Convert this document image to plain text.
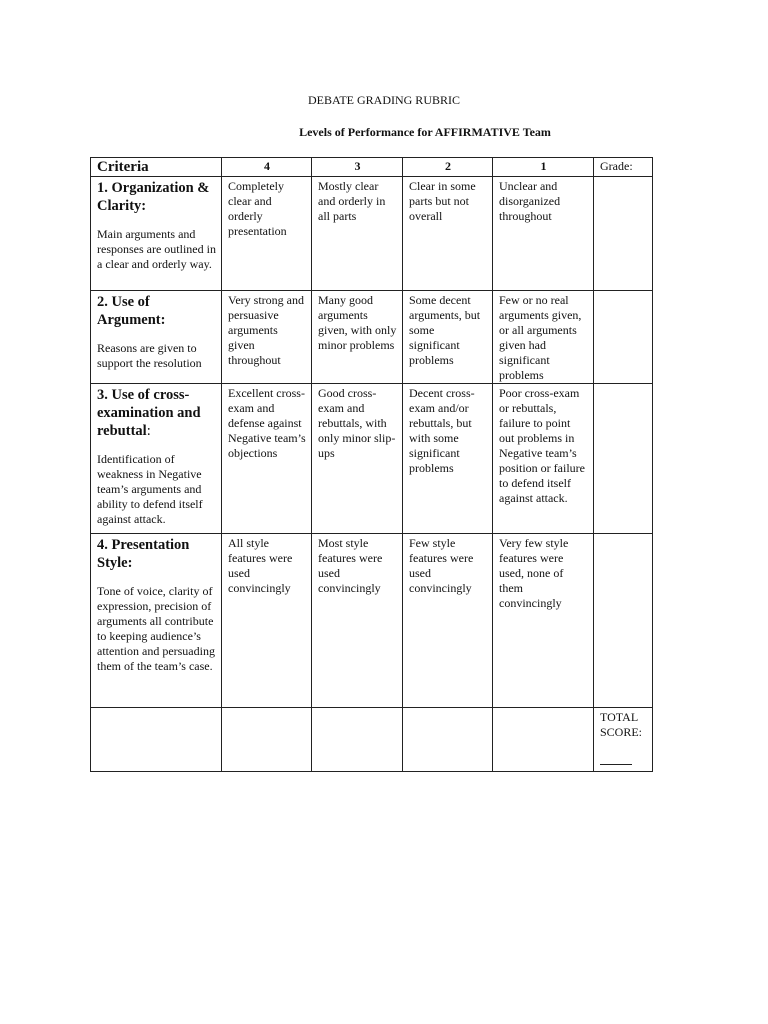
DEBATE GRADING RUBRIC
Levels of Performance for AFFIRMATIVE Team
Criteria	4	3	2	1	Grade:

1. Organization & Clarity:
Main arguments and responses are outlined in a clear and orderly way.	Completely clear and orderly presentation	Mostly clear and orderly in all parts	Clear in some parts but not overall	Unclear and disorganized throughout	

2. Use of Argument:
Reasons are given to support the resolution	Very strong and persuasive arguments given throughout	Many good arguments given, with only minor problems	Some decent arguments, but some significant problems	Few or no real arguments given, or all arguments given had significant problems	

3. Use of cross-examination and rebuttal:
Identification of weakness in Negative team’s arguments and ability to defend itself against attack.	Excellent cross-exam and defense against Negative team’s objections	Good cross-exam and rebuttals, with only minor slip-ups	Decent cross-exam and/or rebuttals, but with some significant problems	Poor cross-exam or rebuttals, failure to point out problems in Negative team’s position or failure to defend itself against attack.	

4. Presentation Style:
Tone of voice, clarity of expression, precision of arguments all contribute to keeping audience’s attention and persuading them of the team’s case.	All style features were used convincingly	Most style features were used convincingly	Few style features were used convincingly	Very few style features were used, none of them convincingly	

					TOTAL SCORE:
